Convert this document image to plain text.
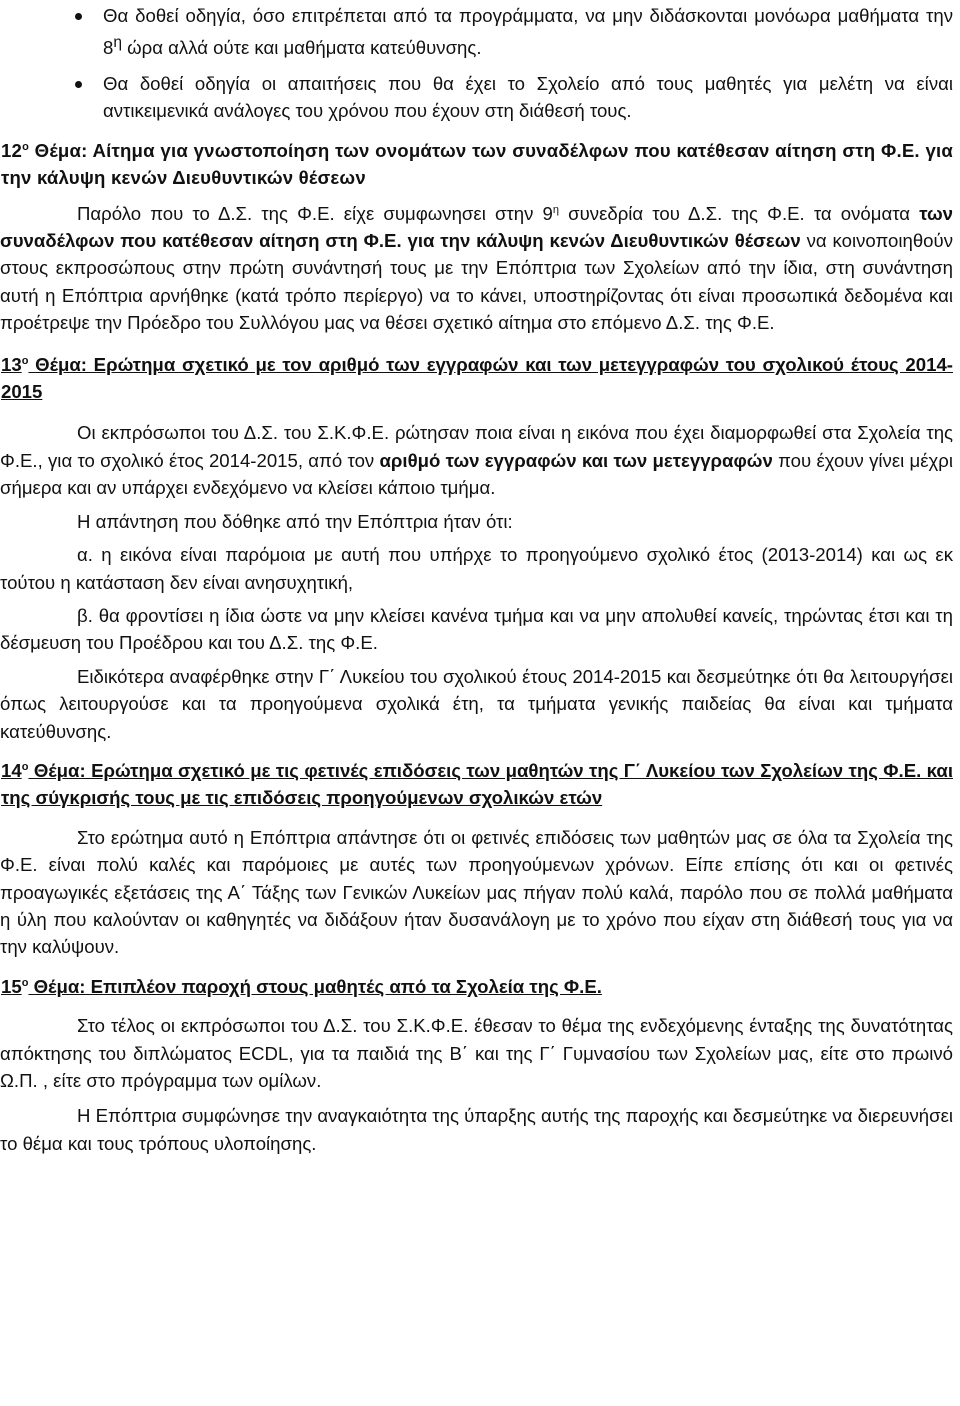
Θα δοθεί οδηγία, όσο επιτρέπεται από τα προγράμματα, να μην διδάσκονται μονόωρα μαθήματα την $8^\eta$ ώρα αλλά ούτε και μαθήματα κατεύθυνσης.
Θα δοθεί οδηγία οι απαιτήσεις που θα έχει το Σχολείο από τους μαθητές για μελέτη να είναι αντικειμενικά ανάλογες του χρόνου που έχουν στη διάθεσή τους.
$12^o$ Θέμα: Αίτημα για γνωστοποίηση των ονομάτων των συναδέλφων που κατέθεσαν αίτηση στη Φ.Ε. για την κάλυψη κενών Διευθυντικών θέσεων

Παρόλο που το Δ.Σ. της Φ.Ε. είχε συμφωνησει στην $9^\eta$ συνεδρία του Δ.Σ. της Φ.Ε. τα ονόματα των συναδέλφων που κατέθεσαν αίτηση στη Φ.Ε. για την κάλυψη κενών Διευθυντικών θέσεων να κοινοποιηθούν στους εκπροσώπους στην πρώτη συνάντησή τους με την Επόπτρια των Σχολείων από την ίδια, στη συνάντηση αυτή η Επόπτρια αρνήθηκε (κατά τρόπο περίεργο) να το κάνει, υποστηρίζοντας ότι είναι προσωπικά δεδομένα και προέτρεψε την Πρόεδρο του Συλλόγου μας να θέσει σχετικό αίτημα στο επόμενο Δ.Σ. της Φ.Ε.

$13^o$ Θέμα: Ερώτημα σχετικό με τον αριθμό των εγγραφών και των μετεγγραφών του σχολικού έτους 2014-2015

Οι εκπρόσωποι του Δ.Σ. του Σ.Κ.Φ.Ε. ρώτησαν ποια είναι η εικόνα που έχει διαμορφωθεί στα Σχολεία της Φ.Ε., για το σχολικό έτος 2014-2015, από τον αριθμό των εγγραφών και των μετεγγραφών που έχουν γίνει μέχρι σήμερα και αν υπάρχει ενδεχόμενο να κλείσει κάποιο τμήμα.

Η απάντηση που δόθηκε από την Επόπτρια ήταν ότι:

α. η εικόνα είναι παρόμοια με αυτή που υπήρχε το προηγούμενο σχολικό έτος (2013-2014) και ως εκ τούτου η κατάσταση δεν είναι ανησυχητική,

β. θα φροντίσει η ίδια ώστε να μην κλείσει κανένα τμήμα και να μην απολυθεί κανείς, τηρώντας έτσι και τη δέσμευση του Προέδρου και του Δ.Σ. της Φ.Ε.

Ειδικότερα αναφέρθηκε στην Γ΄ Λυκείου του σχολικού έτους 2014-2015 και δεσμεύτηκε ότι θα λειτουργήσει όπως λειτουργούσε και τα προηγούμενα σχολικά έτη, τα τμήματα γενικής παιδείας θα είναι και τμήματα κατεύθυνσης.

$14^o$ Θέμα: Ερώτημα σχετικό με τις φετινές επιδόσεις των μαθητών της Γ΄ Λυκείου των Σχολείων της Φ.Ε. και της σύγκρισής τους με τις επιδόσεις προηγούμενων σχολικών ετών

Στο ερώτημα αυτό η Επόπτρια απάντησε ότι οι φετινές επιδόσεις των μαθητών μας σε όλα τα Σχολεία της Φ.Ε. είναι πολύ καλές και παρόμοιες με αυτές των προηγούμενων χρόνων. Είπε επίσης ότι και οι φετινές προαγωγικές εξετάσεις της Α΄ Τάξης των Γενικών Λυκείων μας πήγαν πολύ καλά, παρόλο που σε πολλά μαθήματα η ύλη που καλούνταν οι καθηγητές να διδάξουν ήταν δυσανάλογη με το χρόνο που είχαν στη διάθεσή τους για να την καλύψουν.

$15^o$ Θέμα: Επιπλέον παροχή στους μαθητές από τα Σχολεία της Φ.Ε.

Στο τέλος οι εκπρόσωποι του Δ.Σ. του Σ.Κ.Φ.Ε. έθεσαν το θέμα της ενδεχόμενης ένταξης της δυνατότητας απόκτησης του διπλώματος ECDL, για τα παιδιά της Β΄ και της Γ΄ Γυμνασίου των Σχολείων μας, είτε στο πρωινό Ω.Π. , είτε στο πρόγραμμα των ομίλων.

Η Επόπτρια συμφώνησε την αναγκαιότητα της ύπαρξης αυτής της παροχής και δεσμεύτηκε να διερευνήσει το θέμα και τους τρόπους υλοποίησης.
